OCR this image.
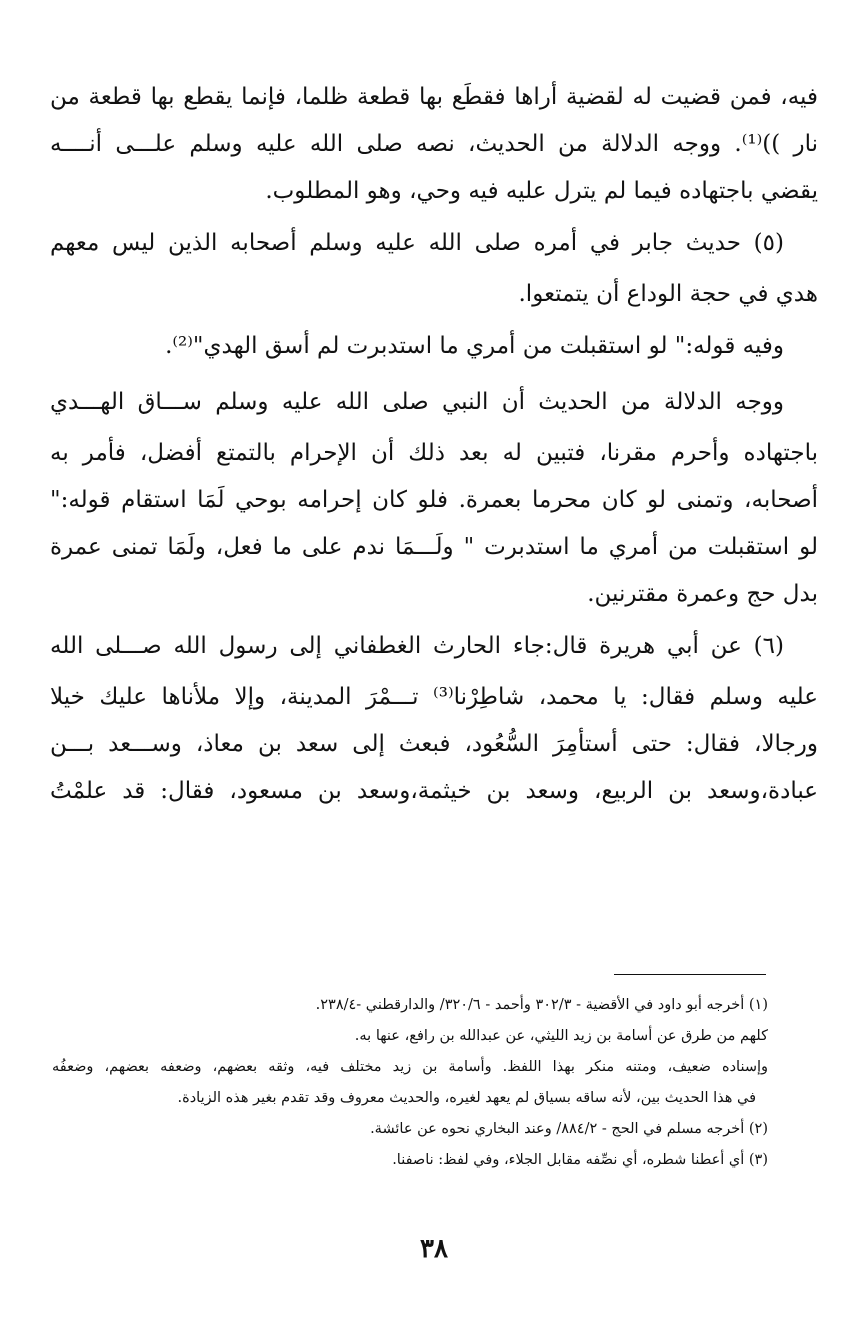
فيه، فمن قضيت له لقضية أراها فقطَع بها قطعة ظلما، فإنما يقطع بها قطعة من
نار ))⁽¹⁾. ووجه الدلالة من الحديث، نصه صلى الله عليه وسلم علـــى أنــــه
يقضي باجتهاده فيما لم يترل عليه فيه وحي، وهو المطلوب.
(٥) حديث جابر في أمره صلى الله عليه وسلم أصحابه الذين ليس معهم
هدي في حجة الوداع أن يتمتعوا.
وفيه قوله:" لو استقبلت من أمري ما استدبرت لم أسق الهدي"⁽²⁾.
ووجه الدلالة من الحديث أن النبي صلى الله عليه وسلم ســـاق الهـــدي
باجتهاده وأحرم مقرنا، فتبين له بعد ذلك أن الإحرام بالتمتع أفضل، فأمر به
أصحابه، وتمنى لو كان محرما بعمرة. فلو كان إحرامه بوحي لَمَا استقام قوله:"
لو استقبلت من أمري ما استدبرت " ولَـــمَا ندم على ما فعل، ولَمَا تمنى عمرة
بدل حج وعمرة مقترنين.
(٦) عن أبي هريرة قال:جاء الحارث الغطفاني إلى رسول الله صـــلى الله
عليه وسلم فقال: يا محمد، شاطِرْنا⁽³⁾ تـــمْرَ المدينة، وإلا ملأناها عليك خيلا
ورجالا، فقال: حتى أستأمِرَ السُّعُود، فبعث إلى سعد بن معاذ، وســـعد بـــن
عبادة،وسعد بن الربيع، وسعد بن خيثمة،وسعد بن مسعود، فقال: قد علمْتُ
(١) أخرجه أبو داود في الأقضية - ٣٠٢/٣ وأحمد - ٣٢٠/٦/ والدارقطني -٢٣٨/٤.
كلهم من طرق عن أسامة بن زيد الليثي، عن عبدالله بن رافع، عنها به.
وإسناده ضعيف، ومتنه منكر بهذا اللفظ. وأسامة بن زيد مختلف فيه، وثقه بعضهم، وضعفه بعضهم، وضعفُه
في هذا الحديث بين، لأنه ساقه بسياق لم يعهد لغيره، والحديث معروف وقد تقدم بغير هذه الزيادة.
(٢) أخرجه مسلم في الحج - ٨٨٤/٢/ وعند البخاري نحوه عن عائشة.
(٣) أي أعطنا شطره، أي نصِّفه مقابل الجلاء، وفي لفظ: ناصفنا.
٣٨
